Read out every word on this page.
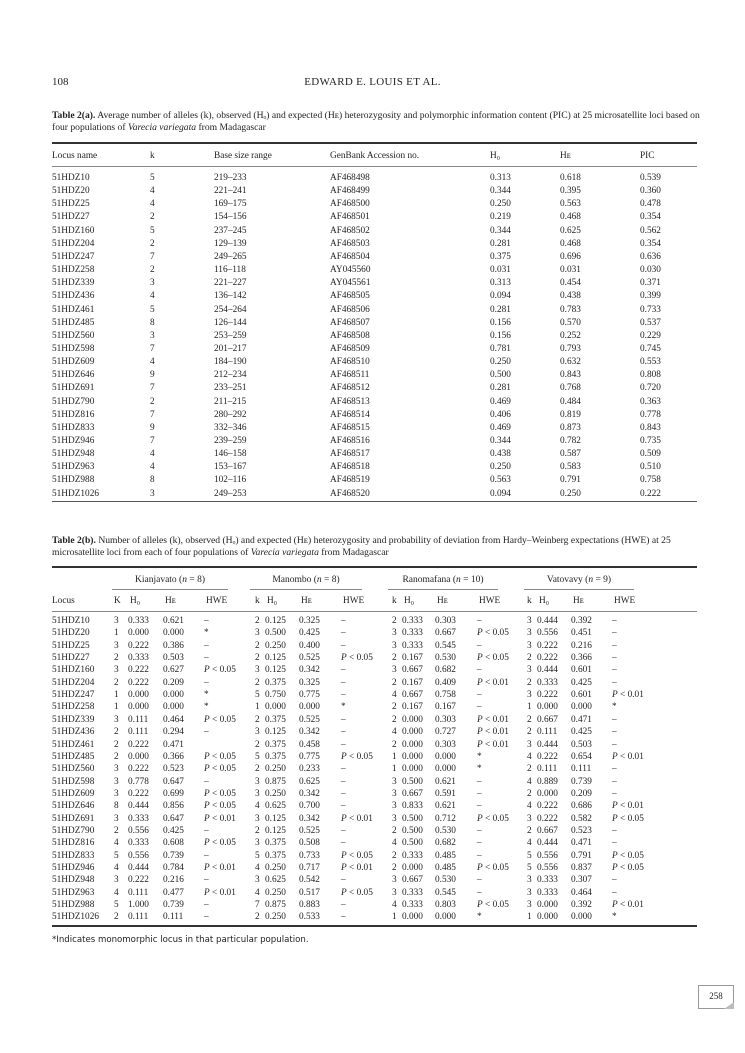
108	EDWARD E. LOUIS ET AL.
Table 2(a). Average number of alleles (k), observed (Hₒ) and expected (Hᴇ) heterozygosity and polymorphic information content (PIC) at 25 microsatellite loci based on four populations of Varecia variegata from Madagascar
Locus name	k	Base size range	GenBank Accession no.	H₀	Hᴇ	PIC
51HDZ10	5	219–233	AF468498	0.313	0.618	0.539
51HDZ20	4	221–241	AF468499	0.344	0.395	0.360
51HDZ25	4	169–175	AF468500	0.250	0.563	0.478
51HDZ27	2	154–156	AF468501	0.219	0.468	0.354
51HDZ160	5	237–245	AF468502	0.344	0.625	0.562
51HDZ204	2	129–139	AF468503	0.281	0.468	0.354
51HDZ247	7	249–265	AF468504	0.375	0.696	0.636
51HDZ258	2	116–118	AY045560	0.031	0.031	0.030
51HDZ339	3	221–227	AY045561	0.313	0.454	0.371
51HDZ436	4	136–142	AF468505	0.094	0.438	0.399
51HDZ461	5	254–264	AF468506	0.281	0.783	0.733
51HDZ485	8	126–144	AF468507	0.156	0.570	0.537
51HDZ560	3	253–259	AF468508	0.156	0.252	0.229
51HDZ598	7	201–217	AF468509	0.781	0.793	0.745
51HDZ609	4	184–190	AF468510	0.250	0.632	0.553
51HDZ646	9	212–234	AF468511	0.500	0.843	0.808
51HDZ691	7	233–251	AF468512	0.281	0.768	0.720
51HDZ790	2	211–215	AF468513	0.469	0.484	0.363
51HDZ816	7	280–292	AF468514	0.406	0.819	0.778
51HDZ833	9	332–346	AF468515	0.469	0.873	0.843
51HDZ946	7	239–259	AF468516	0.344	0.782	0.735
51HDZ948	4	146–158	AF468517	0.438	0.587	0.509
51HDZ963	4	153–167	AF468518	0.250	0.583	0.510
51HDZ988	8	102–116	AF468519	0.563	0.791	0.758
51HDZ1026	3	249–253	AF468520	0.094	0.250	0.222
Table 2(b). Number of alleles (k), observed (Hₒ) and expected (Hᴇ) heterozygosity and probability of deviation from Hardy–Weinberg expectations (HWE) at 25 microsatellite loci from each of four populations of Varecia variegata from Madagascar
Kianjavato (n = 8)	Manombo (n = 8)	Ranomafana (n = 10)	Vatovavy (n = 9)
Locus	K H₀	Hᴇ	HWE	k H₀	Hᴇ	HWE	k H₀ Hᴇ	HWE	k H₀	Hᴇ	HWE
51HDZ10	3 0.333 0.621 –	2 0.125 0.325 –	2 0.333 0.303 –	3 0.444 0.392 –
51HDZ20	1 0.000 0.000 *	3 0.500 0.425 –	3 0.333 0.667 P < 0.05 3 0.556 0.451 –
51HDZ25	3 0.222 0.386 –	2 0.250 0.400 –	3 0.333 0.545 –	3 0.222 0.216 –
51HDZ27	2 0.333 0.503 –	2 0.125 0.525 P < 0.05 2 0.167 0.530 P < 0.05 2 0.222 0.366 –
51HDZ160 3 0.222 0.627 P < 0.05 3 0.125 0.342 –	3 0.667 0.682 –	3 0.444 0.601 –
51HDZ204 2 0.222 0.209 –	2 0.375 0.325 –	2 0.167 0.409 P < 0.01 2 0.333 0.425 –
51HDZ247 1 0.000 0.000 *	5 0.750 0.775 –	4 0.667 0.758 –	3 0.222 0.601 P < 0.01
51HDZ258 1 0.000 0.000 *	1 0.000 0.000 *	2 0.167 0.167 –	1 0.000 0.000 *
51HDZ339 3 0.111 0.464 P < 0.05 2 0.375 0.525 –	2 0.000 0.303 P < 0.01 2 0.667 0.471 –
51HDZ436 2 0.111 0.294 –	3 0.125 0.342 –	4 0.000 0.727 P < 0.01 2 0.111 0.425 –
51HDZ461 2 0.222 0.471	2 0.375 0.458 –	2 0.000 0.303 P < 0.01 3 0.444 0.503 –
51HDZ485 2 0.000 0.366 P < 0.05 5 0.375 0.775 P < 0.05 1 0.000 0.000 *	4 0.222 0.654 P < 0.01
51HDZ560 3 0.222 0.523 P < 0.05 2 0.250 0.233 –	1 0.000 0.000 *	2 0.111 0.111 –
51HDZ598 3 0.778 0.647 –	3 0.875 0.625 –	3 0.500 0.621 –	4 0.889 0.739 –
51HDZ609 3 0.222 0.699 P < 0.05 3 0.250 0.342 –	3 0.667 0.591 –	2 0.000 0.209 –
51HDZ646 8 0.444 0.856 P < 0.05 4 0.625 0.700 –	3 0.833 0.621 –	4 0.222 0.686 P < 0.01
51HDZ691 3 0.333 0.647 P < 0.01 3 0.125 0.342 P < 0.01 3 0.500 0.712 P < 0.05 3 0.222 0.582 P < 0.05
51HDZ790 2 0.556 0.425 –	2 0.125 0.525 –	2 0.500 0.530 –	2 0.667 0.523 –
51HDZ816 4 0.333 0.608 P < 0.05 3 0.375 0.508 –	4 0.500 0.682 –	4 0.444 0.471 –
51HDZ833 5 0.556 0.739 –	5 0.375 0.733 P < 0.05 2 0.333 0.485 –	5 0.556 0.791 P < 0.05
51HDZ946 4 0.444 0.784 P < 0.01 4 0.250 0.717 P < 0.01 2 0.000 0.485 P < 0.05 5 0.556 0.837 P < 0.05
51HDZ948 3 0.222 0.216 –	3 0.625 0.542 –	3 0.667 0.530 –	3 0.333 0.307 –
51HDZ963 4 0.111 0.477 P < 0.01 4 0.250 0.517 P < 0.05 3 0.333 0.545 –	3 0.333 0.464 –
51HDZ988 5 1.000 0.739 –	7 0.875 0.883 –	4 0.333 0.803 P < 0.05 3 0.000 0.392 P < 0.01
51HDZ1026 2 0.111 0.111 –	2 0.250 0.533 –	1 0.000 0.000 *	1 0.000 0.000 *
*Indicates monomorphic locus in that particular population.
258
